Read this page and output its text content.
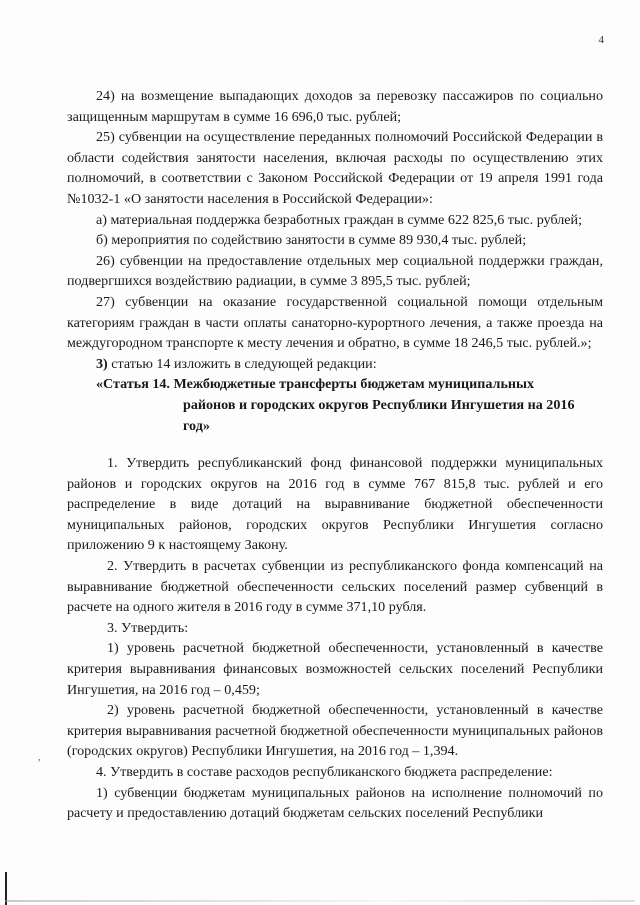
4

24) на возмещение выпадающих доходов за перевозку пассажиров по социально защищенным маршрутам в сумме 16 696,0 тыс. рублей;

25) субвенции на осуществление переданных полномочий Российской Федерации в области содействия занятости населения, включая расходы по осуществлению этих полномочий, в соответствии с Законом Российской Федерации от 19 апреля 1991 года №1032-1 «О занятости населения в Российской Федерации»:

а) материальная поддержка безработных граждан в сумме 622 825,6 тыс. рублей;

б) мероприятия по содействию занятости в сумме 89 930,4 тыс. рублей;

26) субвенции на предоставление отдельных мер социальной поддержки граждан, подвергшихся воздействию радиации, в сумме 3 895,5 тыс. рублей;

27) субвенции на оказание государственной социальной помощи отдельным категориям граждан в части оплаты санаторно-курортного лечения, а также проезда на междугородном транспорте к месту лечения и обратно, в сумме 18 246,5 тыс. рублей.»;

3) статью 14 изложить в следующей редакции:

«Статья 14. Межбюджетные трансферты бюджетам муниципальных
районов и городских округов Республики Ингушетия на 2016 год»

1. Утвердить республиканский фонд финансовой поддержки муниципальных районов и городских округов на 2016 год в сумме 767 815,8 тыс. рублей и его распределение в виде дотаций на выравнивание бюджетной обеспеченности муниципальных районов, городских округов Республики Ингушетия согласно приложению 9 к настоящему Закону.

2. Утвердить в расчетах субвенции из республиканского фонда компенсаций на выравнивание бюджетной обеспеченности сельских поселений размер субвенций в расчете на одного жителя в 2016 году в сумме 371,10 рубля.

3. Утвердить:

1) уровень расчетной бюджетной обеспеченности, установленный в качестве критерия выравнивания финансовых возможностей сельских поселений Республики Ингушетия, на 2016 год – 0,459;

2) уровень расчетной бюджетной обеспеченности, установленный в качестве критерия выравнивания расчетной бюджетной обеспеченности муниципальных районов (городских округов) Республики Ингушетия, на 2016 год – 1,394.

4. Утвердить в составе расходов республиканского бюджета распределение:

1) субвенции бюджетам муниципальных районов на исполнение полномочий по расчету и предоставлению дотаций бюджетам сельских поселений Республики

,
